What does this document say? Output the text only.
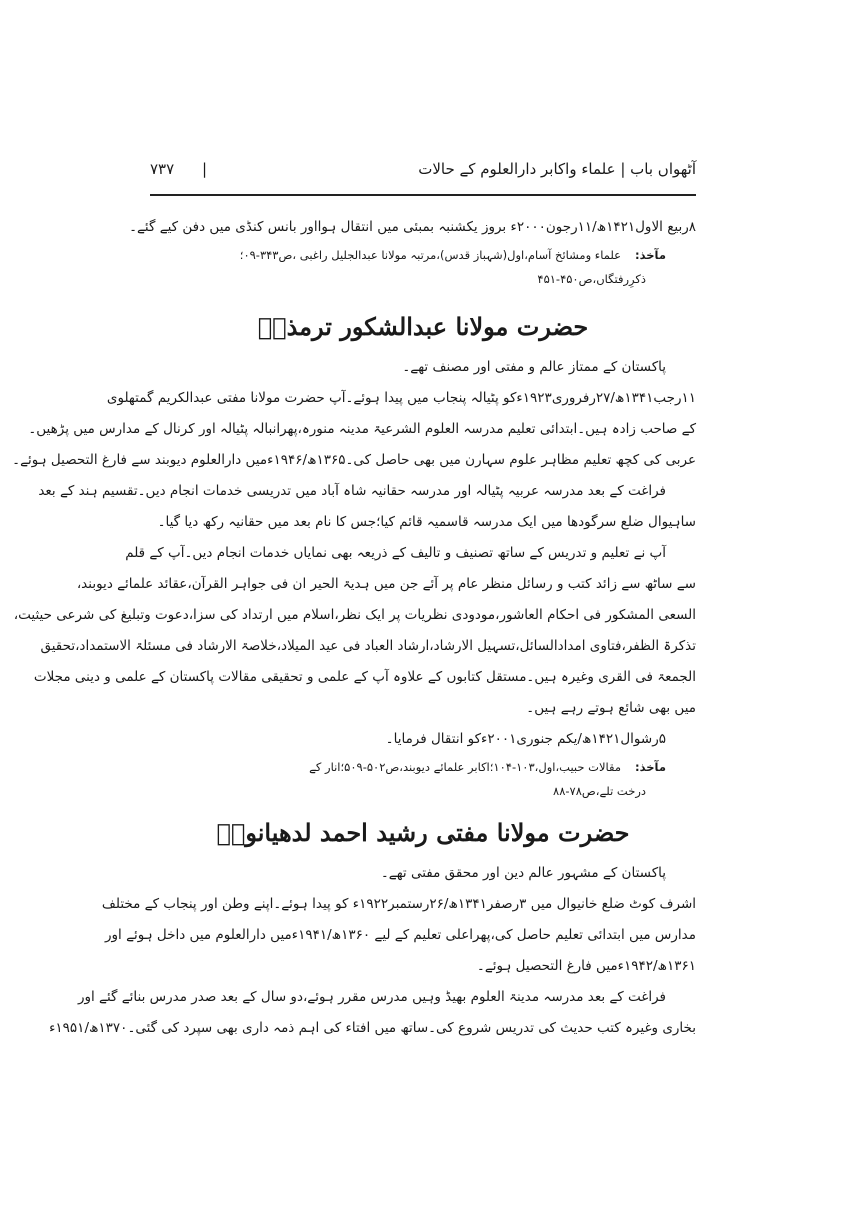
آٹھواں باب | علماء واکابر دارالعلوم کے حالات
|
۷۳۷
۸ربیع الاول۱۴۲۱ھ/۱۱رجون۲۰۰۰ء بروز یکشنبہ بمبئی میں انتقال ہوااور بانس کنڈی میں دفن کیے گئے۔
مآخذ:علماء ومشائخ آسام،اول(شہباز قدس)،مرتبہ مولانا عبدالجلیل راغبی ،ص۳۴۳-۰۹؛
ذکرِرفتگاں،ص۴۵۰-۴۵۱
حضرت مولانا عبدالشکور ترمذیؒ
پاکستان کے ممتاز عالم و مفتی اور مصنف تھے۔
۱۱رجب۱۳۴۱ھ/۲۷رفروری۱۹۲۳ءکو پٹیالہ پنجاب میں پیدا ہوئے۔آپ حضرت مولانا مفتی عبدالکریم گمتھلوی
کے صاحب زادہ ہیں۔ابتدائی تعلیم مدرسہ العلوم الشرعیۃ مدینہ منورہ،پھرانبالہ پٹیالہ اور کرنال کے مدارس میں پڑھیں۔
عربی کی کچھ تعلیم مظاہر علوم سہارن میں بھی حاصل کی۔۱۳۶۵ھ/۱۹۴۶ءمیں دارالعلوم دیوبند سے فارغ التحصیل ہوئے۔
فراغت کے بعد مدرسہ عربیہ پٹیالہ اور مدرسہ حقانیہ شاہ آباد میں تدریسی خدمات انجام دیں۔تقسیم ہند کے بعد
ساہیوال ضلع سرگودھا میں ایک مدرسہ قاسمیہ قائم کیا؛جس کا نام بعد میں حقانیہ رکھ دیا گیا۔
آپ نے تعلیم و تدریس کے ساتھ تصنیف و تالیف کے ذریعہ بھی نمایاں خدمات انجام دیں۔آپ کے قلم
سے ساٹھ سے زائد کتب و رسائل منظر عام پر آئے جن میں ہدیۃ الحیر ان فی جواہر القرآن،عقائد علمائے دیوبند،
السعی المشکور فی احکام العاشور،مودودی نظریات پر ایک نظر،اسلام میں ارتداد کی سزا،دعوت وتبلیغ کی شرعی حیثیت،
تذکرۃ الظفر،فتاوی امدادالسائل،تسہیل الارشاد،ارشاد العباد فی عید المیلاد،خلاصۃ الارشاد فی مسئلۃ الاستمداد،تحقیق
الجمعۃ فی القری وغیرہ ہیں۔مستقل کتابوں کے علاوہ آپ کے علمی و تحقیقی مقالات پاکستان کے علمی و دینی مجلات
میں بھی شائع ہوتے رہے ہیں۔
۵رشوال۱۴۲۱ھ/یکم جنوری۲۰۰۱ءکو انتقال فرمایا۔
مآخذ:مقالات حبیب،اول،۱۰۳-۱۰۴؛اکابر علمائے دیوبند،ص۵۰۲-۵۰۹؛انار کے
درخت تلے،ص۷۸-۸۸
حضرت مولانا مفتی رشید احمد لدھیانویؒ
پاکستان کے مشہور عالم دین اور محقق مفتی تھے۔
اشرف کوٹ ضلع خانیوال میں ۳رصفر۱۳۴۱ھ/۲۶رستمبر۱۹۲۲ء کو پیدا ہوئے۔اپنے وطن اور پنجاب کے مختلف
مدارس میں ابتدائی تعلیم حاصل کی،پھراعلی تعلیم کے لیے ۱۳۶۰ھ/۱۹۴۱ءمیں دارالعلوم میں داخل ہوئے اور
۱۳۶۱ھ/۱۹۴۲ءمیں فارغ التحصیل ہوئے۔
فراغت کے بعد مدرسہ مدینۃ العلوم بھیڈ وہیں مدرس مقرر ہوئے،دو سال کے بعد صدر مدرس بنائے گئے اور
بخاری وغیرہ کتب حدیث کی تدریس شروع کی۔ساتھ میں افتاء کی اہم ذمہ داری بھی سپرد کی گئی۔۱۳۷۰ھ/۱۹۵۱ء
